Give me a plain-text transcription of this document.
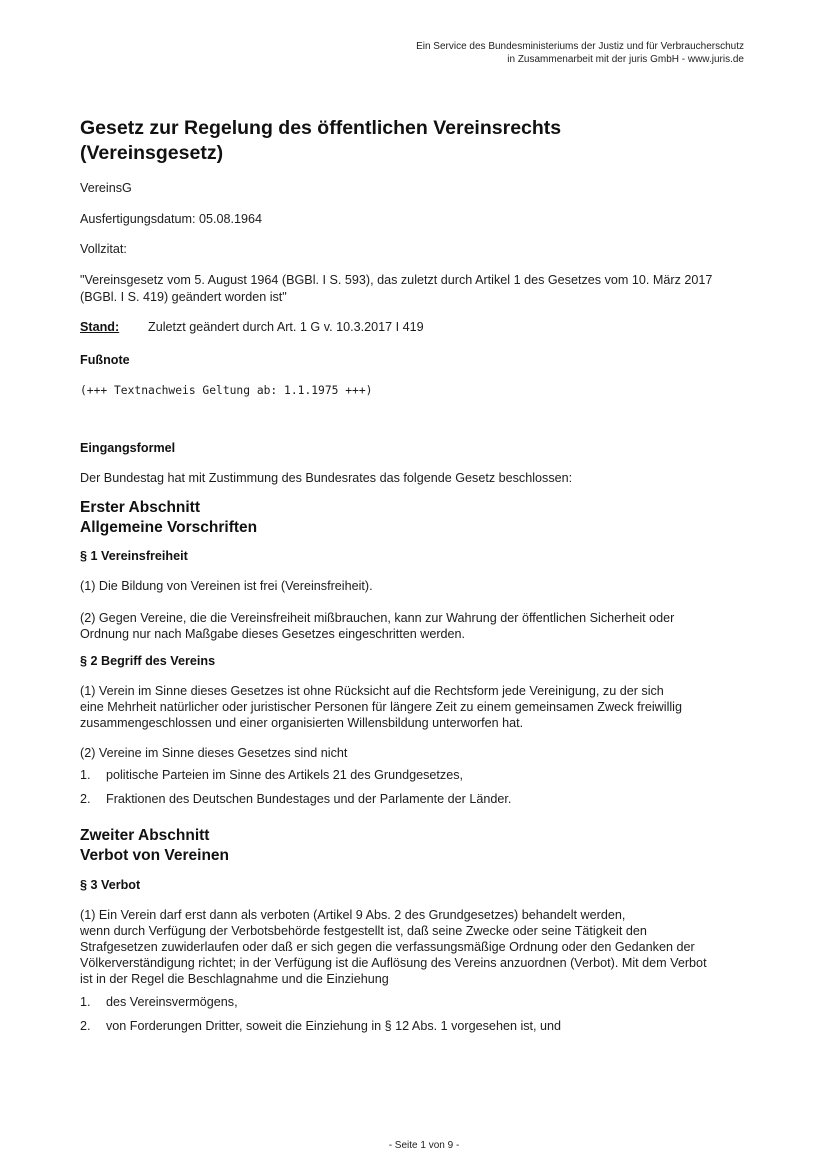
Ein Service des Bundesministeriums der Justiz und für Verbraucherschutz
in Zusammenarbeit mit der juris GmbH - www.juris.de
Gesetz zur Regelung des öffentlichen Vereinsrechts
(Vereinsgesetz)
VereinsG
Ausfertigungsdatum: 05.08.1964
Vollzitat:
"Vereinsgesetz vom 5. August 1964 (BGBl. I S. 593), das zuletzt durch Artikel 1 des Gesetzes vom 10. März 2017
(BGBl. I S. 419) geändert worden ist"
Stand: Zuletzt geändert durch Art. 1 G v. 10.3.2017 I 419
Fußnote
(+++ Textnachweis Geltung ab: 1.1.1975 +++)
Eingangsformel
Der Bundestag hat mit Zustimmung des Bundesrates das folgende Gesetz beschlossen:
Erster Abschnitt
Allgemeine Vorschriften
§ 1 Vereinsfreiheit
(1) Die Bildung von Vereinen ist frei (Vereinsfreiheit).
(2) Gegen Vereine, die die Vereinsfreiheit mißbrauchen, kann zur Wahrung der öffentlichen Sicherheit oder
Ordnung nur nach Maßgabe dieses Gesetzes eingeschritten werden.
§ 2 Begriff des Vereins
(1) Verein im Sinne dieses Gesetzes ist ohne Rücksicht auf die Rechtsform jede Vereinigung, zu der sich
eine Mehrheit natürlicher oder juristischer Personen für längere Zeit zu einem gemeinsamen Zweck freiwillig
zusammengeschlossen und einer organisierten Willensbildung unterworfen hat.
(2) Vereine im Sinne dieses Gesetzes sind nicht
1. politische Parteien im Sinne des Artikels 21 des Grundgesetzes,
2. Fraktionen des Deutschen Bundestages und der Parlamente der Länder.
Zweiter Abschnitt
Verbot von Vereinen
§ 3 Verbot
(1) Ein Verein darf erst dann als verboten (Artikel 9 Abs. 2 des Grundgesetzes) behandelt werden,
wenn durch Verfügung der Verbotsbehörde festgestellt ist, daß seine Zwecke oder seine Tätigkeit den
Strafgesetzen zuwiderlaufen oder daß er sich gegen die verfassungsmäßige Ordnung oder den Gedanken der
Völkerverständigung richtet; in der Verfügung ist die Auflösung des Vereins anzuordnen (Verbot). Mit dem Verbot
ist in der Regel die Beschlagnahme und die Einziehung
1. des Vereinsvermögens,
2. von Forderungen Dritter, soweit die Einziehung in § 12 Abs. 1 vorgesehen ist, und
- Seite 1 von 9 -
